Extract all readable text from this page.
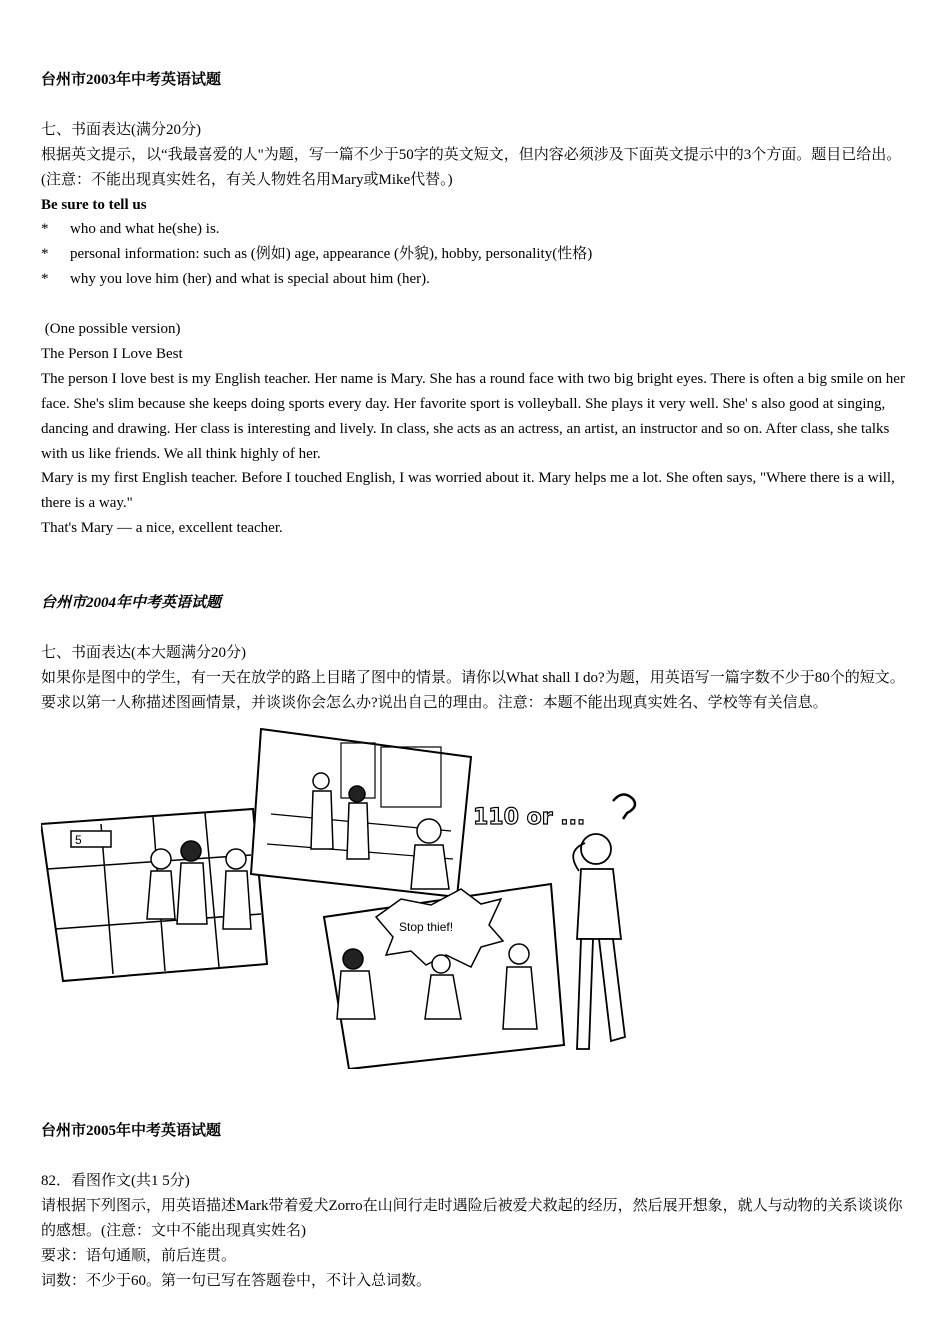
台州市2003年中考英语试题
七、书面表达(满分20分)
根据英文提示，以“我最喜爱的人"为题，写一篇不少于50字的英文短文，但内容必须涉及下面英文提示中的3个方面。题目已给出。(注意：不能出现真实姓名，有关人物姓名用Mary或Mike代替。)
Be sure to tell us
*	who and what he(she) is.
*	personal information: such as (例如) age, appearance (外貌), hobby, personality(性格)
*	why you love him (her) and what is special about him (her).
(One possible version)
The Person I Love Best
The person I love best is my English teacher. Her name is Mary. She has a round face with two big bright eyes. There is often a big smile on her face. She's slim because she keeps doing sports every day. Her favorite sport is volleyball. She plays it very well. She' s also good at singing, dancing and drawing. Her class is interesting and lively. In class, she acts as an actress, an artist, an instructor and so on. After class, she talks with us like friends. We all think highly of her.
Mary is my first English teacher. Before I touched English, I was worried about it. Mary helps me a lot. She often says, "Where there is a will, there is a way."
That's Mary — a nice, excellent teacher.
台州市2004年中考英语试题
七、书面表达(本大题满分20分)
如果你是图中的学生，有一天在放学的路上目睹了图中的情景。请你以What shall I do?为题，用英语写一篇字数不少于80个的短文。要求以第一人称描述图画情景，并谈谈你会怎么办?说出自己的理由。注意：本题不能出现真实姓名、学校等有关信息。
5
110 or ...
Stop thief!
台州市2005年中考英语试题
82．看图作文(共1 5分)
请根据下列图示，用英语描述Mark带着爱犬Zorro在山间行走时遇险后被爱犬救起的经历，然后展开想象，就人与动物的关系谈谈你的感想。(注意：文中不能出现真实姓名)
要求：语句通顺，前后连贯。
词数：不少于60。第一句已写在答题卷中，不计入总词数。
